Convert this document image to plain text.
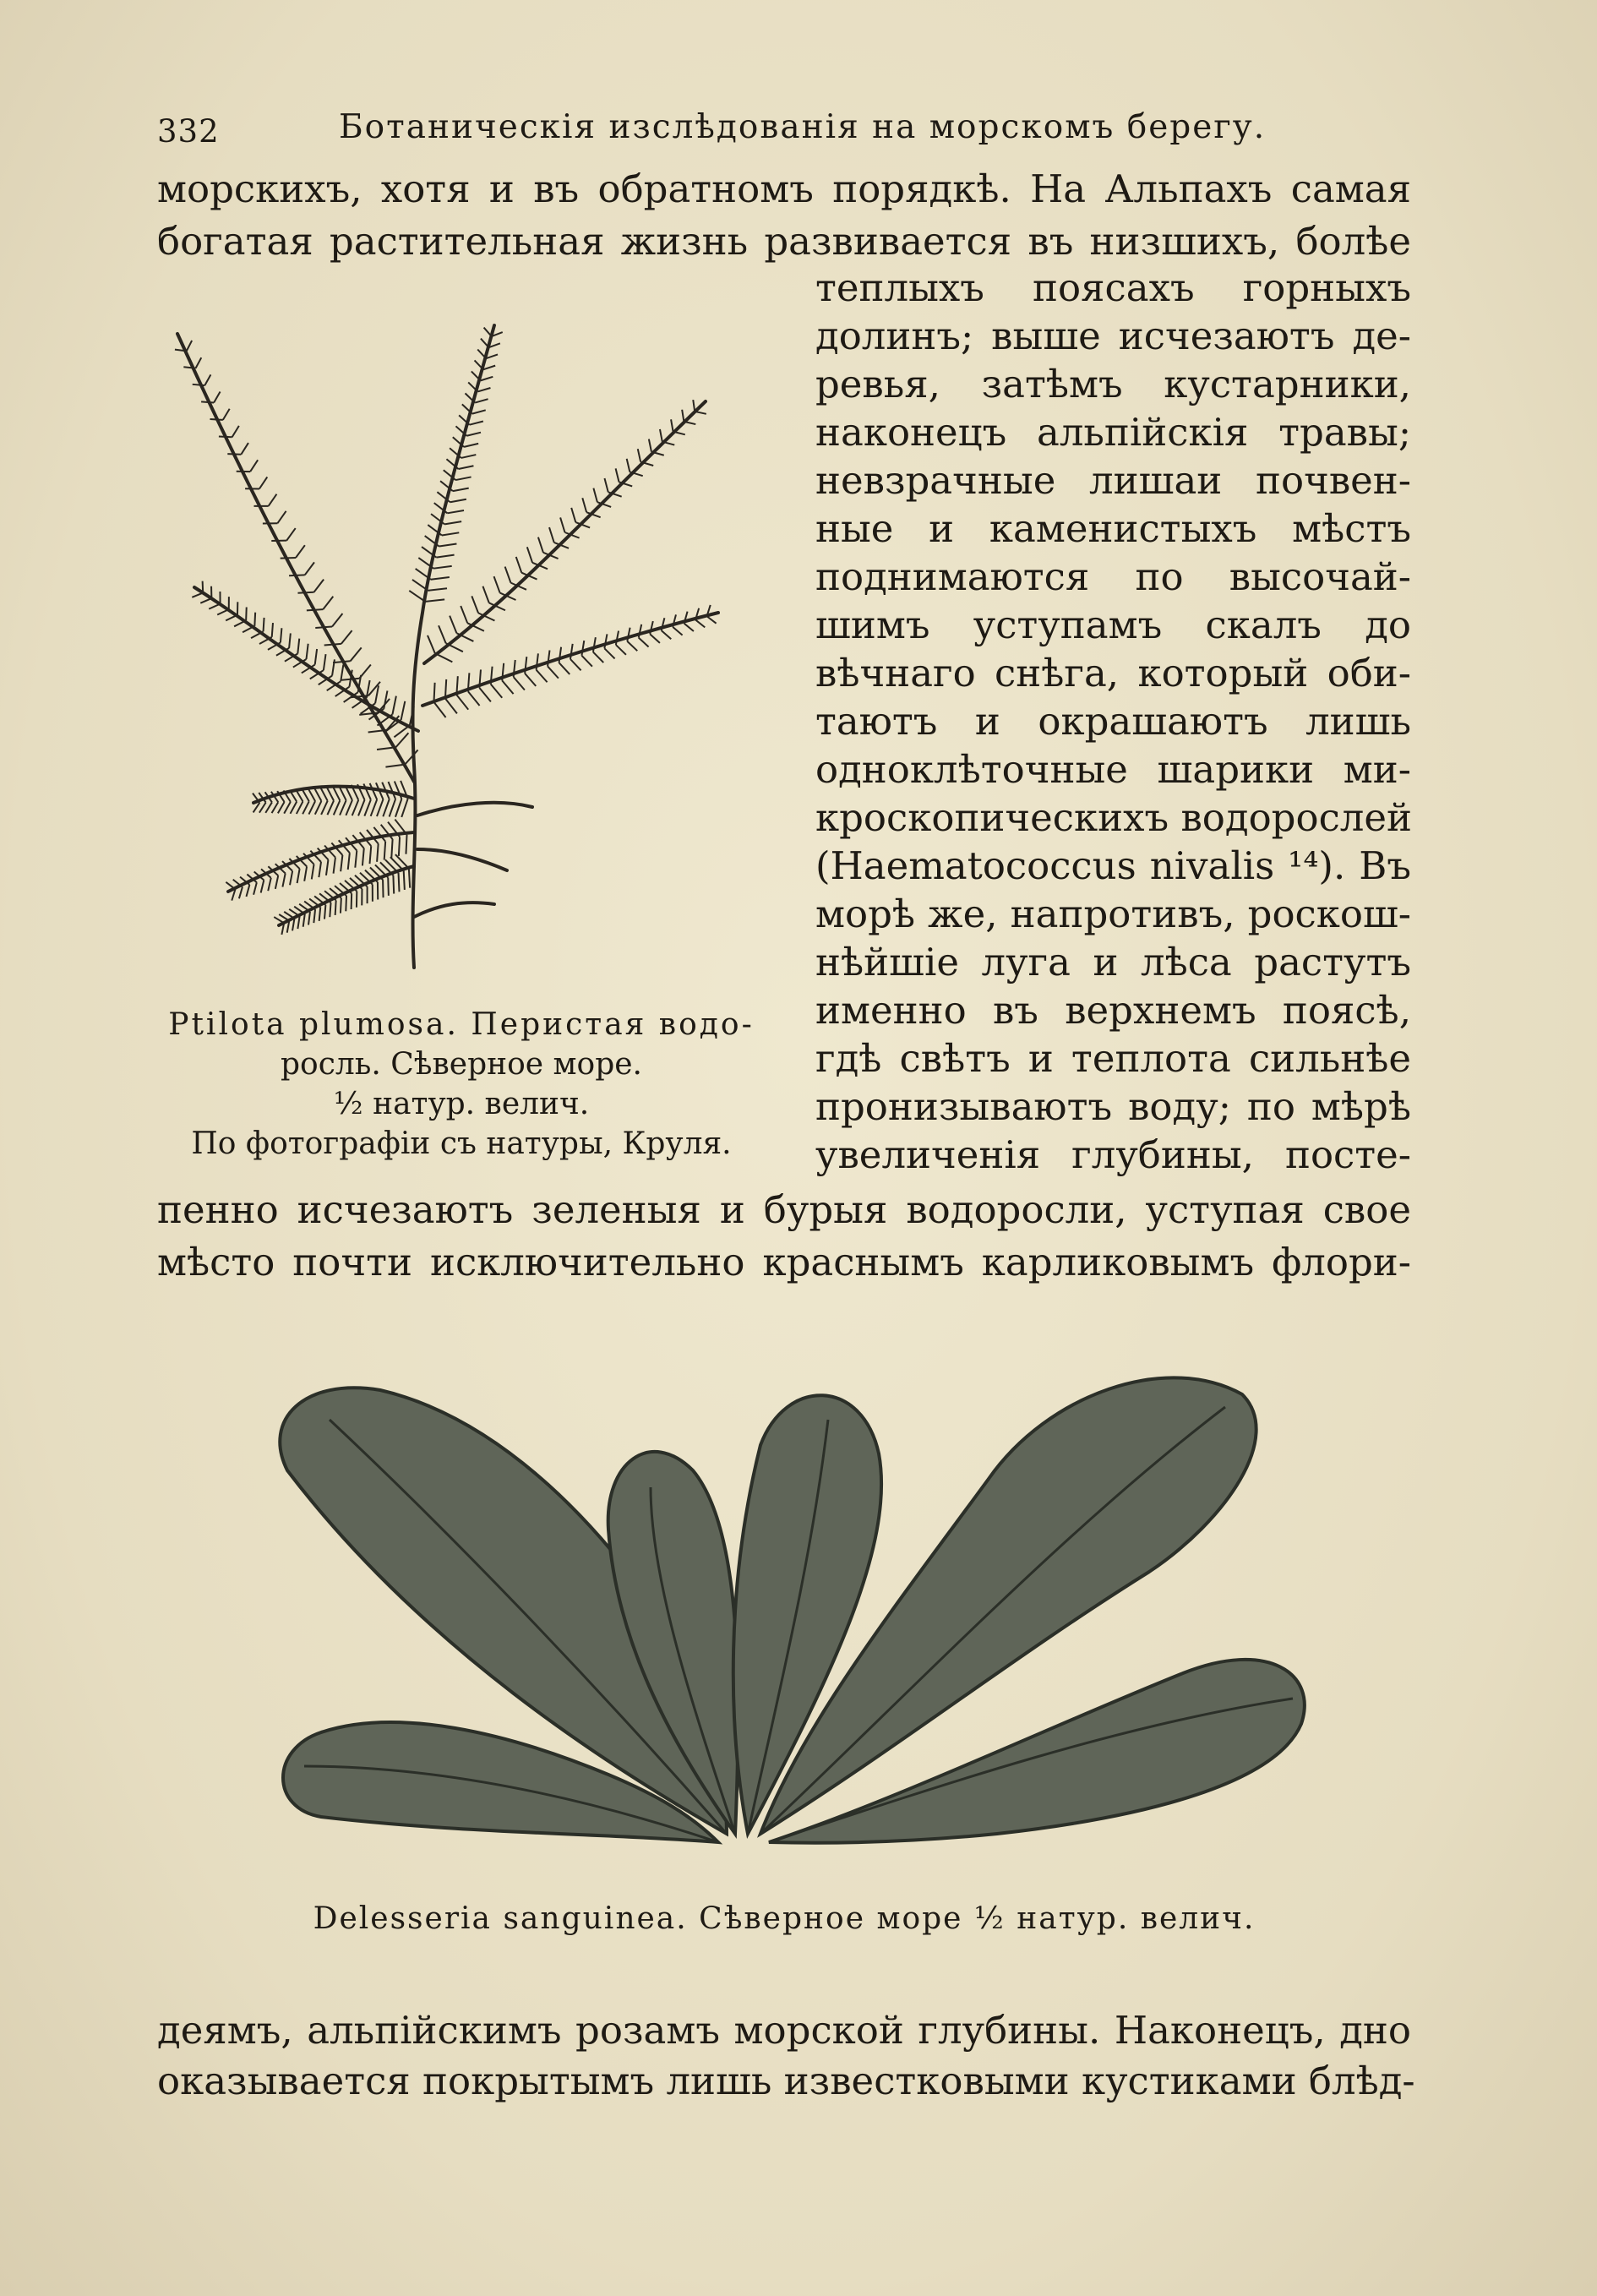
332	Ботаническія изслѣдованія на морскомъ берегу.
морскихъ, хотя и въ обратномъ порядкѣ. На Альпахъ самая
богатая растительная жизнь развивается въ низшихъ, болѣе
теплыхъ поясахъ горныхъ
долинъ; выше исчезаютъ де-
ревья, затѣмъ кустарники,
наконецъ альпійскія травы;
невзрачные лишаи почвен-
ные и каменистыхъ мѣстъ
поднимаются по высочай-
шимъ уступамъ скалъ до
вѣчнаго снѣга, который оби-
таютъ и окрашаютъ лишь
одноклѣточные шарики ми-
кроскопическихъ водорослей
(Haematococcus nivalis ¹⁴). Въ
морѣ же, напротивъ, роскош-
нѣйшіе луга и лѣса растутъ
именно въ верхнемъ поясѣ,
гдѣ свѣтъ и теплота сильнѣе
пронизываютъ воду; по мѣрѣ
увеличенія глубины, посте-
пенно исчезаютъ зеленыя и бурыя водоросли, уступая свое
мѣсто почти исключительно краснымъ карликовымъ флори-
Ptilota plumosa. Перистая водо-
росль. Сѣверное море.
½ натур. велич.
По фотографіи съ натуры, Круля.
Delesseria sanguinea. Сѣверное море ½ натур. велич.
деямъ, альпійскимъ розамъ морской глубины. Наконецъ, дно
оказывается покрытымъ лишь известковыми кустиками блѣд-
